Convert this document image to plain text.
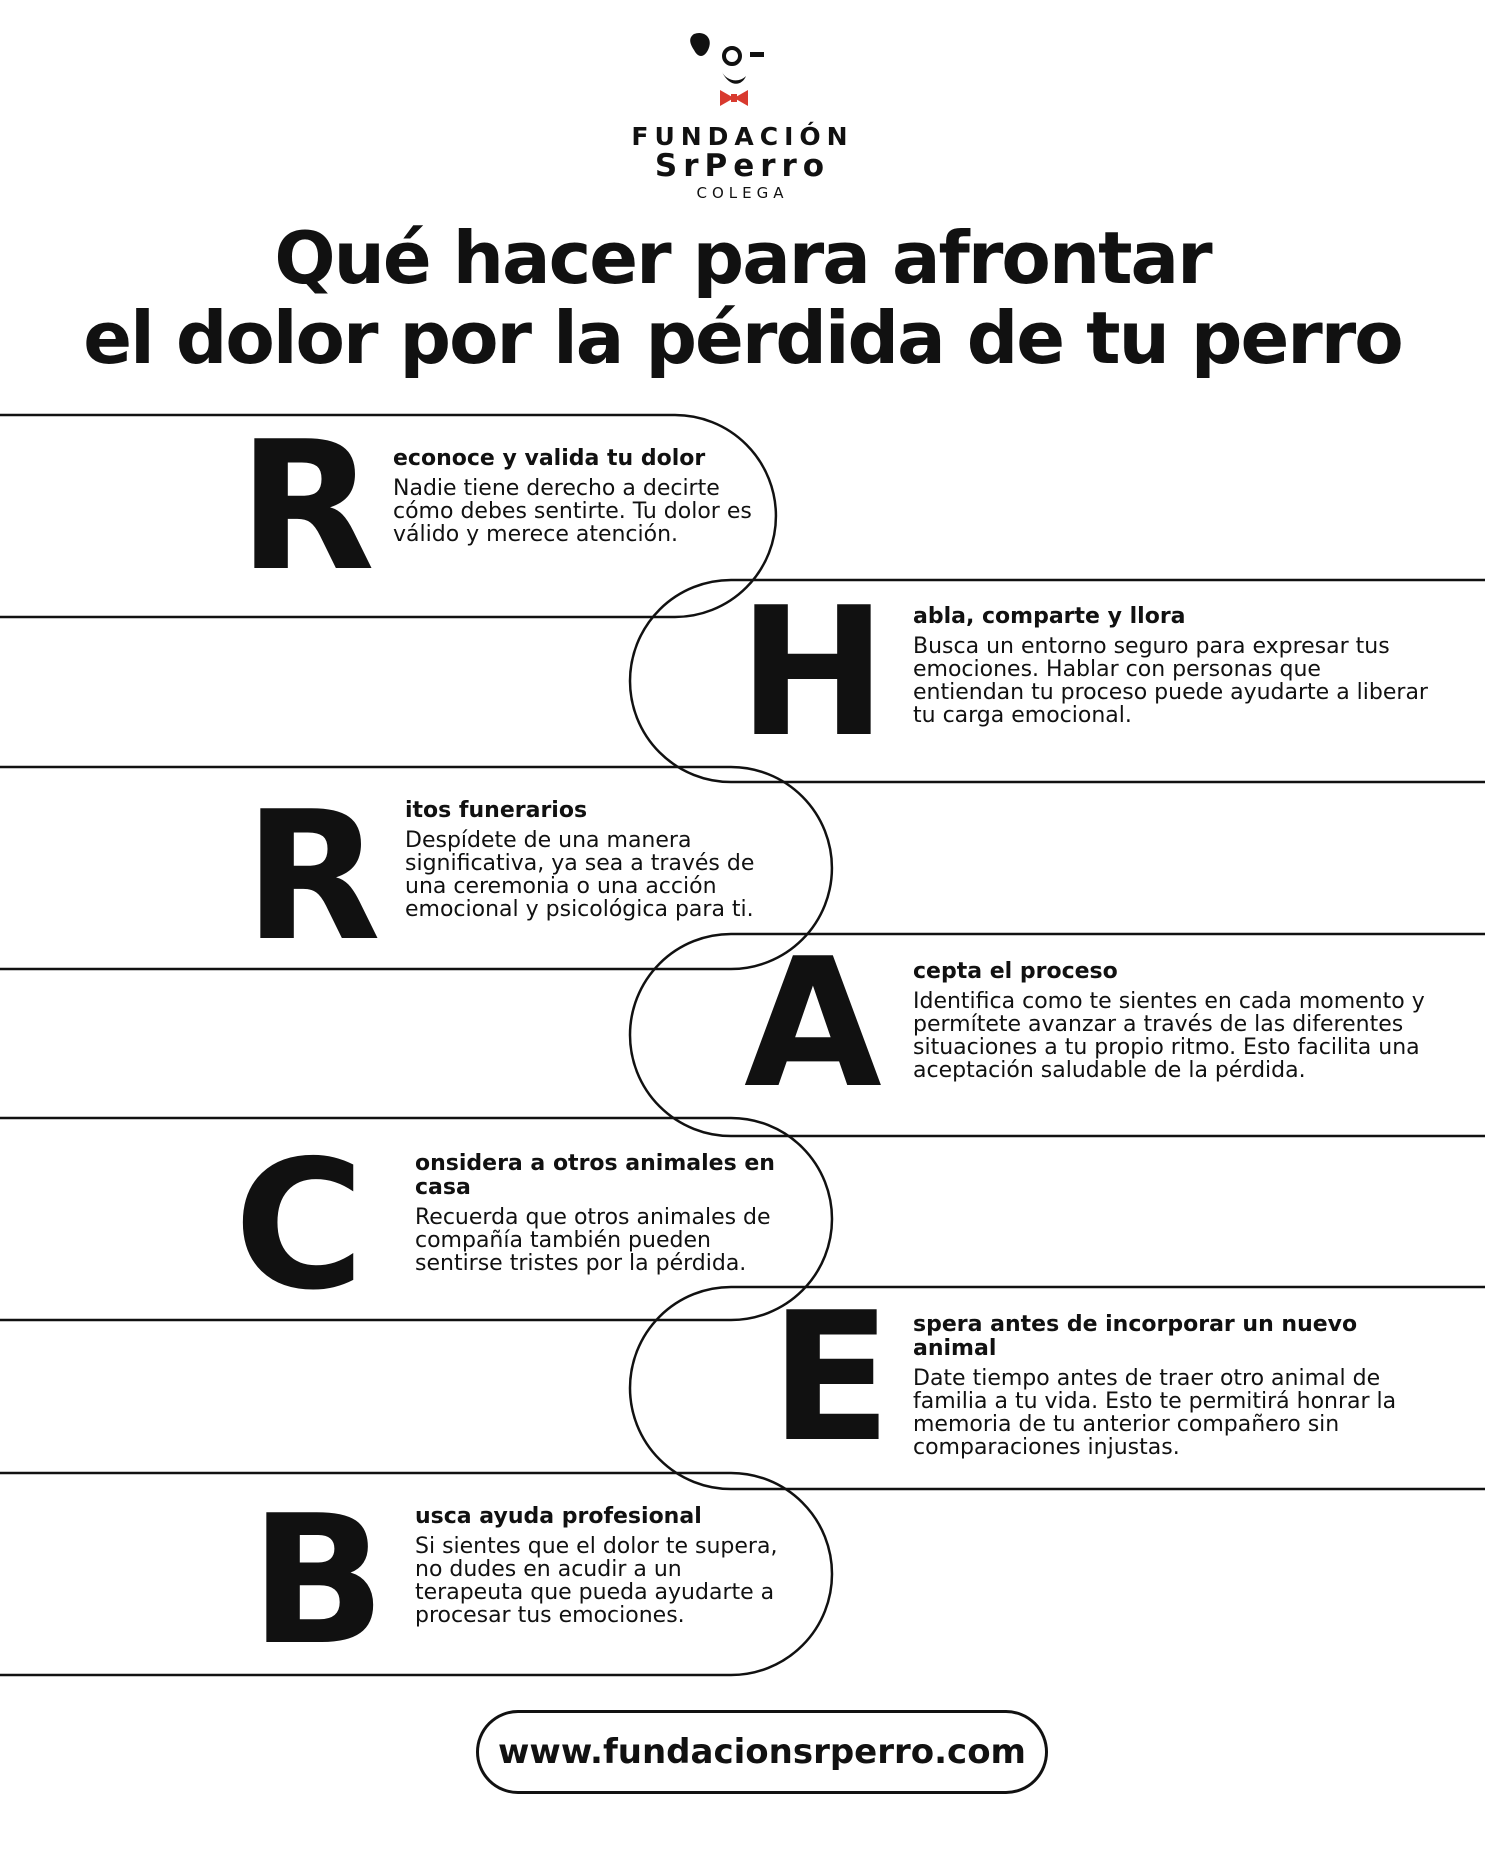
FUNDACIÓN
SrPerro
COLEGA
Qué hacer para afrontar
el dolor por la pérdida de tu perro
R econoce y valida tu dolor

Nadie tiene derecho a decirte cómo debes sentirte. Tu dolor es válido y merece atención.

H abla, comparte y llora

Busca un entorno seguro para expresar tus emociones. Hablar con personas que entiendan tu proceso puede ayudarte a liberar tu carga emocional.

R itos funerarios

Despídete de una manera significativa, ya sea a través de una ceremonia o una acción emocional y psicológica para ti.

A cepta el proceso

Identifica como te sientes en cada momento y permítete avanzar a través de las diferentes situaciones a tu propio ritmo. Esto facilita una aceptación saludable de la pérdida.

C onsidera a otros animales en casa

Recuerda que otros animales de compañía también pueden sentirse tristes por la pérdida.

E spera antes de incorporar un nuevo animal

Date tiempo antes de traer otro animal de familia a tu vida. Esto te permitirá honrar la memoria de tu anterior compañero sin comparaciones injustas.

B usca ayuda profesional

Si sientes que el dolor te supera, no dudes en acudir a un terapeuta que pueda ayudarte a procesar tus emociones.

www.fundacionsrperro.com
